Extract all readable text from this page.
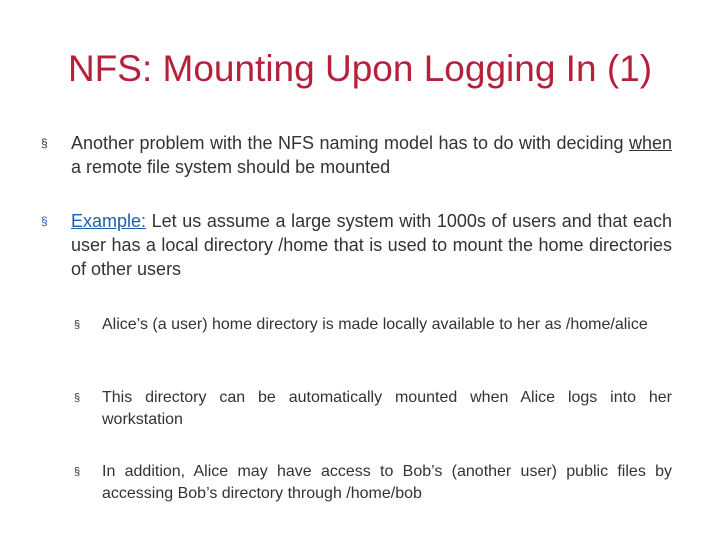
NFS: Mounting Upon Logging In (1)
§ Another problem with the NFS naming model has to do with deciding when a remote file system should be mounted
§ Example: Let us assume a large system with 1000s of users and that each user has a local directory /home that is used to mount the home directories of other users
§ Alice’s (a user) home directory is made locally available to her as /home/alice
§ This directory can be automatically mounted when Alice logs into her workstation
§ In addition, Alice may have access to Bob’s (another user) public files by accessing Bob’s directory through /home/bob
